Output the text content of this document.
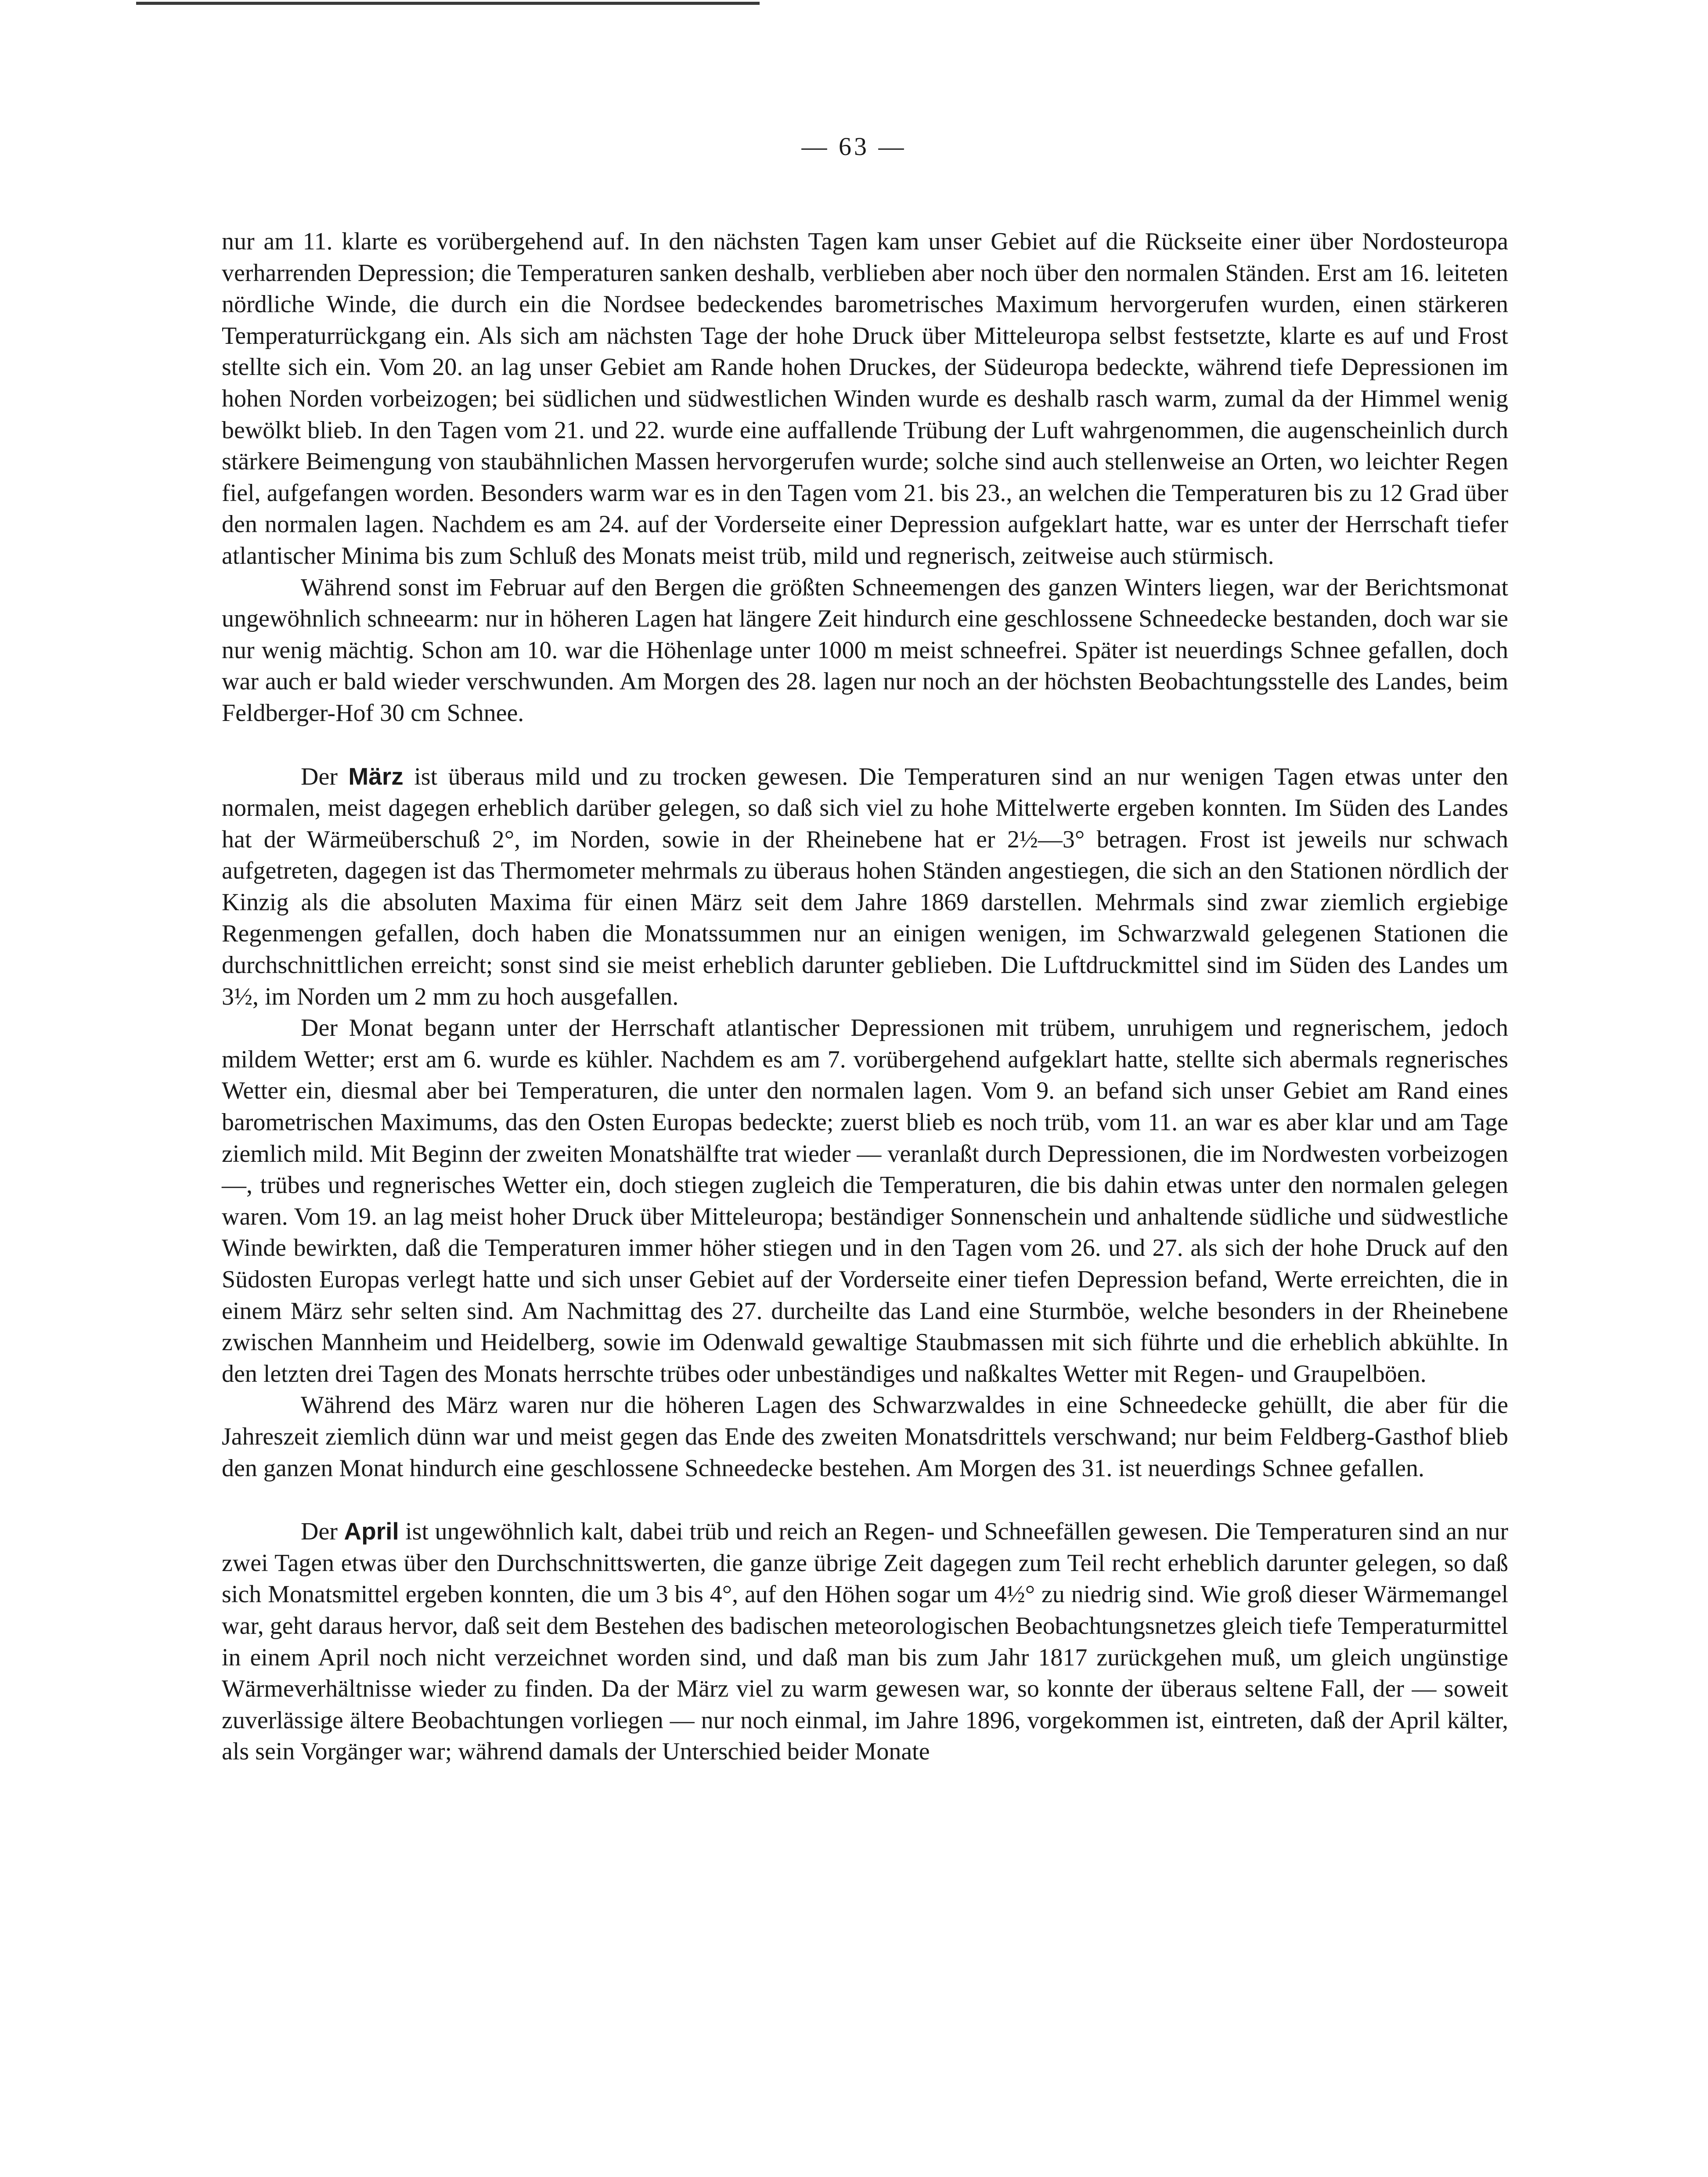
— 63 —

nur am 11. klarte es vorübergehend auf. In den nächsten Tagen kam unser Gebiet auf die Rückseite einer über Nordosteuropa verharrenden Depression; die Temperaturen sanken deshalb, verblieben aber noch über den normalen Ständen. Erst am 16. leiteten nördliche Winde, die durch ein die Nordsee bedeckendes barometrisches Maximum hervorgerufen wurden, einen stärkeren Temperaturrückgang ein. Als sich am nächsten Tage der hohe Druck über Mitteleuropa selbst festsetzte, klarte es auf und Frost stellte sich ein. Vom 20. an lag unser Gebiet am Rande hohen Druckes, der Südeuropa bedeckte, während tiefe Depressionen im hohen Norden vorbeizogen; bei südlichen und südwestlichen Winden wurde es deshalb rasch warm, zumal da der Himmel wenig bewölkt blieb. In den Tagen vom 21. und 22. wurde eine auffallende Trübung der Luft wahrgenommen, die augenscheinlich durch stärkere Beimengung von staubähnlichen Massen hervorgerufen wurde; solche sind auch stellenweise an Orten, wo leichter Regen fiel, aufgefangen worden. Besonders warm war es in den Tagen vom 21. bis 23., an welchen die Temperaturen bis zu 12 Grad über den normalen lagen. Nachdem es am 24. auf der Vorderseite einer Depression aufgeklart hatte, war es unter der Herrschaft tiefer atlantischer Minima bis zum Schluß des Monats meist trüb, mild und regnerisch, zeitweise auch stürmisch.

Während sonst im Februar auf den Bergen die größten Schneemengen des ganzen Winters liegen, war der Berichtsmonat ungewöhnlich schneearm: nur in höheren Lagen hat längere Zeit hindurch eine geschlossene Schneedecke bestanden, doch war sie nur wenig mächtig. Schon am 10. war die Höhenlage unter 1000 m meist schneefrei. Später ist neuerdings Schnee gefallen, doch war auch er bald wieder verschwunden. Am Morgen des 28. lagen nur noch an der höchsten Beobachtungsstelle des Landes, beim Feldberger-Hof 30 cm Schnee.

Der März ist überaus mild und zu trocken gewesen. Die Temperaturen sind an nur wenigen Tagen etwas unter den normalen, meist dagegen erheblich darüber gelegen, so daß sich viel zu hohe Mittelwerte ergeben konnten. Im Süden des Landes hat der Wärmeüberschuß 2°, im Norden, sowie in der Rheinebene hat er 2½—3° betragen. Frost ist jeweils nur schwach aufgetreten, dagegen ist das Thermometer mehrmals zu überaus hohen Ständen angestiegen, die sich an den Stationen nördlich der Kinzig als die absoluten Maxima für einen März seit dem Jahre 1869 darstellen. Mehrmals sind zwar ziemlich ergiebige Regenmengen gefallen, doch haben die Monatssummen nur an einigen wenigen, im Schwarzwald gelegenen Stationen die durchschnittlichen erreicht; sonst sind sie meist erheblich darunter geblieben. Die Luftdruckmittel sind im Süden des Landes um 3½, im Norden um 2 mm zu hoch ausgefallen.

Der Monat begann unter der Herrschaft atlantischer Depressionen mit trübem, unruhigem und regnerischem, jedoch mildem Wetter; erst am 6. wurde es kühler. Nachdem es am 7. vorübergehend aufgeklart hatte, stellte sich abermals regnerisches Wetter ein, diesmal aber bei Temperaturen, die unter den normalen lagen. Vom 9. an befand sich unser Gebiet am Rand eines barometrischen Maximums, das den Osten Europas bedeckte; zuerst blieb es noch trüb, vom 11. an war es aber klar und am Tage ziemlich mild. Mit Beginn der zweiten Monatshälfte trat wieder — veranlaßt durch Depressionen, die im Nordwesten vorbeizogen —, trübes und regnerisches Wetter ein, doch stiegen zugleich die Temperaturen, die bis dahin etwas unter den normalen gelegen waren. Vom 19. an lag meist hoher Druck über Mitteleuropa; beständiger Sonnenschein und anhaltende südliche und südwestliche Winde bewirkten, daß die Temperaturen immer höher stiegen und in den Tagen vom 26. und 27. als sich der hohe Druck auf den Südosten Europas verlegt hatte und sich unser Gebiet auf der Vorderseite einer tiefen Depression befand, Werte erreichten, die in einem März sehr selten sind. Am Nachmittag des 27. durcheilte das Land eine Sturmböe, welche besonders in der Rheinebene zwischen Mannheim und Heidelberg, sowie im Odenwald gewaltige Staubmassen mit sich führte und die erheblich abkühlte. In den letzten drei Tagen des Monats herrschte trübes oder unbeständiges und naßkaltes Wetter mit Regen- und Graupelböen.

Während des März waren nur die höheren Lagen des Schwarzwaldes in eine Schneedecke gehüllt, die aber für die Jahreszeit ziemlich dünn war und meist gegen das Ende des zweiten Monatsdrittels verschwand; nur beim Feldberg-Gasthof blieb den ganzen Monat hindurch eine geschlossene Schneedecke bestehen. Am Morgen des 31. ist neuerdings Schnee gefallen.

Der April ist ungewöhnlich kalt, dabei trüb und reich an Regen- und Schneefällen gewesen. Die Temperaturen sind an nur zwei Tagen etwas über den Durchschnittswerten, die ganze übrige Zeit dagegen zum Teil recht erheblich darunter gelegen, so daß sich Monatsmittel ergeben konnten, die um 3 bis 4°, auf den Höhen sogar um 4½° zu niedrig sind. Wie groß dieser Wärmemangel war, geht daraus hervor, daß seit dem Bestehen des badischen meteorologischen Beobachtungsnetzes gleich tiefe Temperaturmittel in einem April noch nicht verzeichnet worden sind, und daß man bis zum Jahr 1817 zurückgehen muß, um gleich ungünstige Wärmeverhältnisse wieder zu finden. Da der März viel zu warm gewesen war, so konnte der überaus seltene Fall, der — soweit zuverlässige ältere Beobachtungen vorliegen — nur noch einmal, im Jahre 1896, vorgekommen ist, eintreten, daß der April kälter, als sein Vorgänger war; während damals der Unterschied beider Monate
